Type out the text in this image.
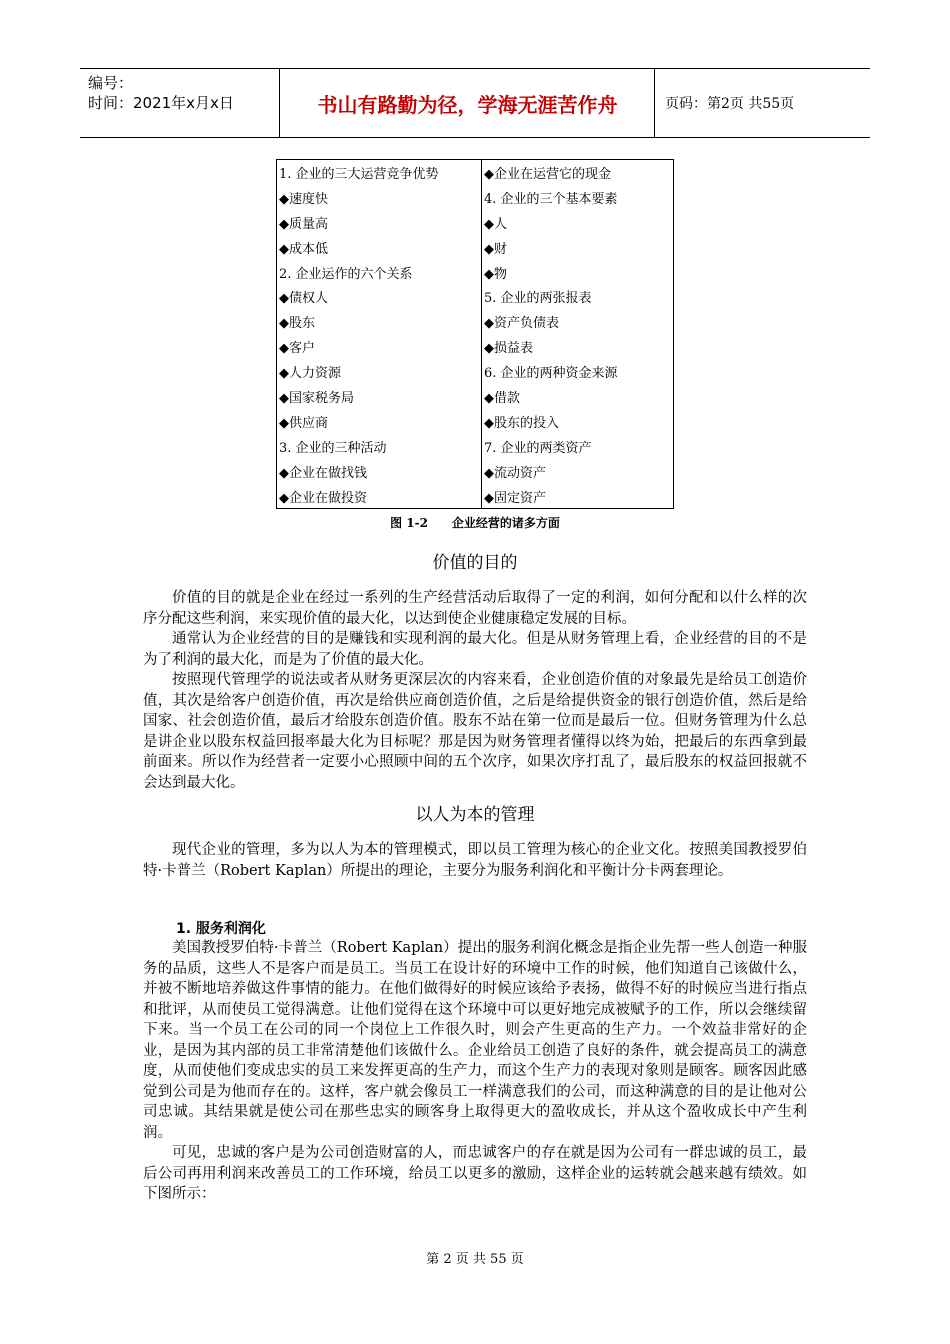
编号：
时间：2021年x月x日	书山有路勤为径，学海无涯苦作舟	页码：第2页 共55页
1. 企业的三大运营竞争优势	◆企业在运营它的现金
◆速度快	4. 企业的三个基本要素
◆质量高	◆人
◆成本低	◆财
2. 企业运作的六个关系	◆物
◆债权人	5. 企业的两张报表
◆股东	◆资产负债表
◆客户	◆损益表
◆人力资源	6. 企业的两种资金来源
◆国家税务局	◆借款
◆供应商	◆股东的投入
3. 企业的三种活动	7. 企业的两类资产
◆企业在做找钱	◆流动资产
◆企业在做投资	◆固定资产
图 1-2　　企业经营的诸多方面
价值的目的

价值的目的就是企业在经过一系列的生产经营活动后取得了一定的利润，如何分配和以什么样的次序分配这些利润，来实现价值的最大化，以达到使企业健康稳定发展的目标。

通常认为企业经营的目的是赚钱和实现利润的最大化。但是从财务管理上看，企业经营的目的不是为了利润的最大化，而是为了价值的最大化。

按照现代管理学的说法或者从财务更深层次的内容来看，企业创造价值的对象最先是给员工创造价值，其次是给客户创造价值，再次是给供应商创造价值，之后是给提供资金的银行创造价值，然后是给国家、社会创造价值，最后才给股东创造价值。股东不站在第一位而是最后一位。但财务管理为什么总是讲企业以股东权益回报率最大化为目标呢？那是因为财务管理者懂得以终为始，把最后的东西拿到最前面来。所以作为经营者一定要小心照顾中间的五个次序，如果次序打乱了，最后股东的权益回报就不会达到最大化。

以人为本的管理

现代企业的管理，多为以人为本的管理模式，即以员工管理为核心的企业文化。按照美国教授罗伯特·卡普兰（Robert Kaplan）所提出的理论，主要分为服务利润化和平衡计分卡两套理论。

1. 服务利润化

美国教授罗伯特·卡普兰（Robert Kaplan）提出的服务利润化概念是指企业先帮一些人创造一种服务的品质，这些人不是客户而是员工。当员工在设计好的环境中工作的时候，他们知道自己该做什么，并被不断地培养做这件事情的能力。在他们做得好的时候应该给予表扬，做得不好的时候应当进行指点和批评，从而使员工觉得满意。让他们觉得在这个环境中可以更好地完成被赋予的工作，所以会继续留下来。当一个员工在公司的同一个岗位上工作很久时，则会产生更高的生产力。一个效益非常好的企业，是因为其内部的员工非常清楚他们该做什么。企业给员工创造了良好的条件，就会提高员工的满意度，从而使他们变成忠实的员工来发挥更高的生产力，而这个生产力的表现对象则是顾客。顾客因此感觉到公司是为他而存在的。这样，客户就会像员工一样满意我们的公司，而这种满意的目的是让他对公司忠诚。其结果就是使公司在那些忠实的顾客身上取得更大的盈收成长，并从这个盈收成长中产生利润。

可见，忠诚的客户是为公司创造财富的人，而忠诚客户的存在就是因为公司有一群忠诚的员工，最后公司再用利润来改善员工的工作环境，给员工以更多的激励，这样企业的运转就会越来越有绩效。如下图所示：

第 2 页 共 55 页
